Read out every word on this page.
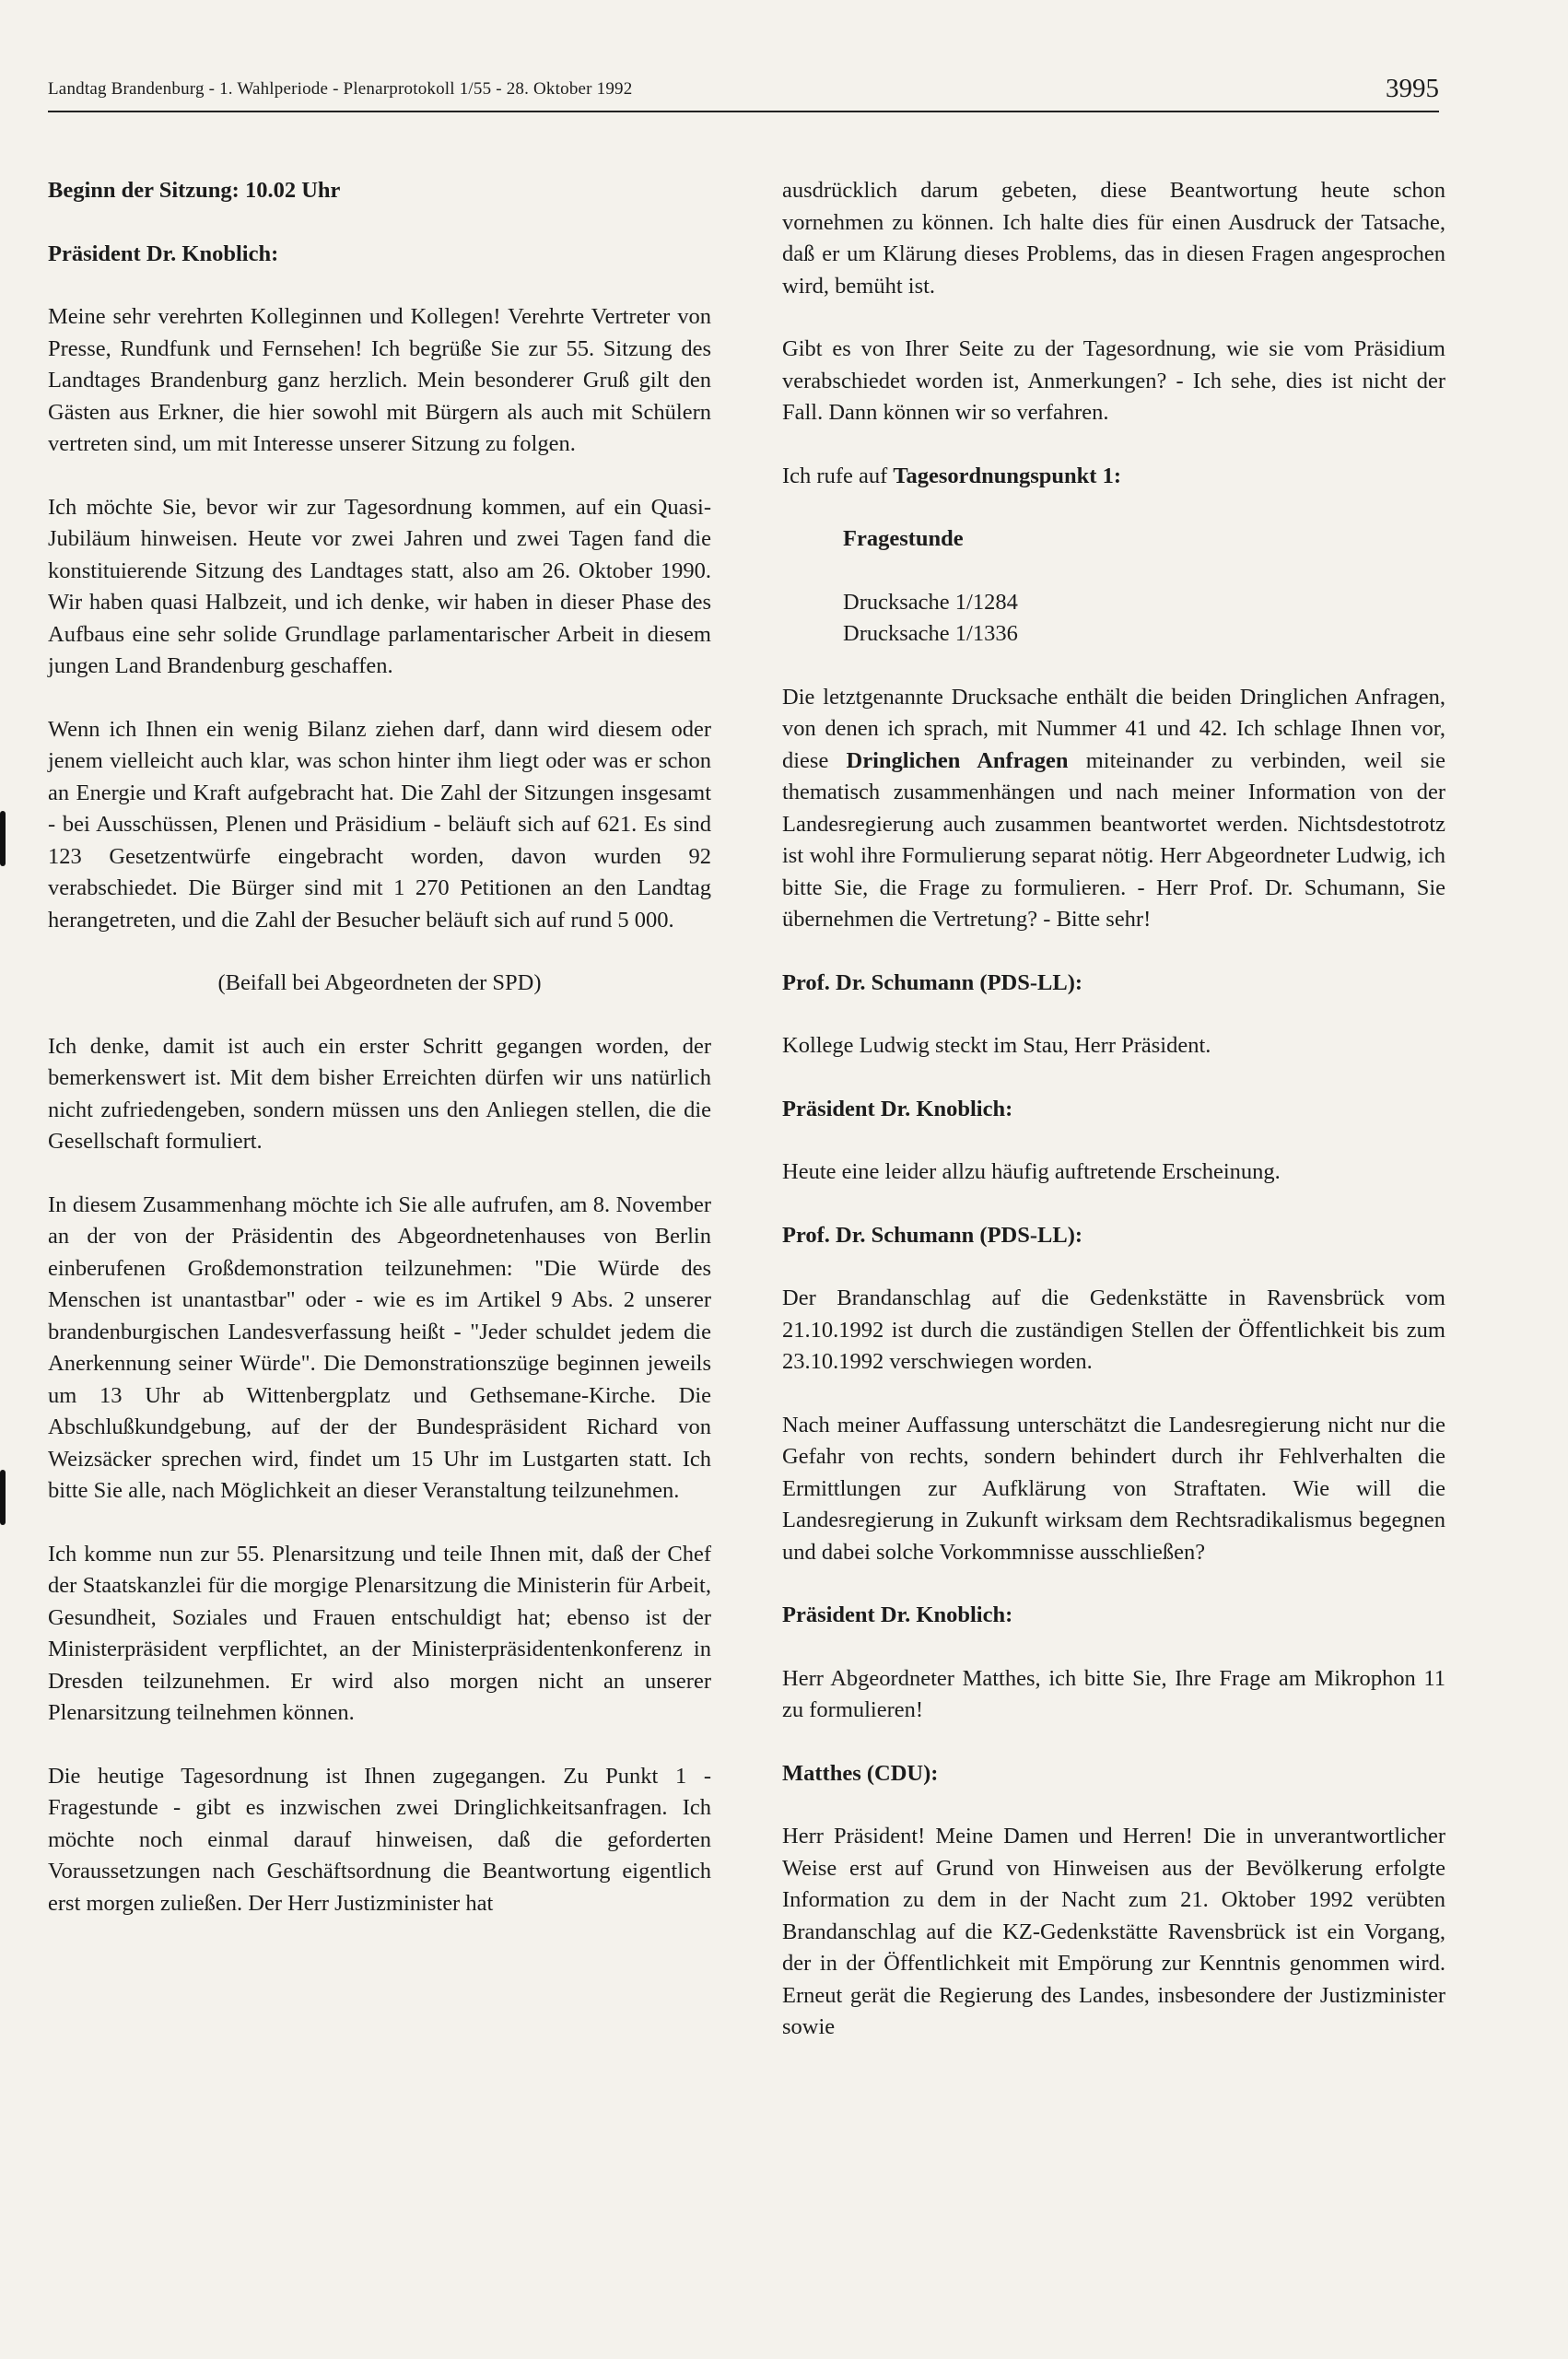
Landtag Brandenburg - 1. Wahlperiode - Plenarprotokoll 1/55 - 28. Oktober 1992	3995

Beginn der Sitzung: 10.02 Uhr

Präsident Dr. Knoblich:

Meine sehr verehrten Kolleginnen und Kollegen! Verehrte Vertreter von Presse, Rundfunk und Fernsehen! Ich begrüße Sie zur 55. Sitzung des Landtages Brandenburg ganz herzlich. Mein besonderer Gruß gilt den Gästen aus Erkner, die hier sowohl mit Bürgern als auch mit Schülern vertreten sind, um mit Interesse unserer Sitzung zu folgen.

Ich möchte Sie, bevor wir zur Tagesordnung kommen, auf ein Quasi-Jubiläum hinweisen. Heute vor zwei Jahren und zwei Tagen fand die konstituierende Sitzung des Landtages statt, also am 26. Oktober 1990. Wir haben quasi Halbzeit, und ich denke, wir haben in dieser Phase des Aufbaus eine sehr solide Grundlage parlamentarischer Arbeit in diesem jungen Land Brandenburg geschaffen.

Wenn ich Ihnen ein wenig Bilanz ziehen darf, dann wird diesem oder jenem vielleicht auch klar, was schon hinter ihm liegt oder was er schon an Energie und Kraft aufgebracht hat. Die Zahl der Sitzungen insgesamt - bei Ausschüssen, Plenen und Präsidium - beläuft sich auf 621. Es sind 123 Gesetzentwürfe eingebracht worden, davon wurden 92 verabschiedet. Die Bürger sind mit 1 270 Petitionen an den Landtag herangetreten, und die Zahl der Besucher beläuft sich auf rund 5 000.

(Beifall bei Abgeordneten der SPD)

Ich denke, damit ist auch ein erster Schritt gegangen worden, der bemerkenswert ist. Mit dem bisher Erreichten dürfen wir uns natürlich nicht zufriedengeben, sondern müssen uns den Anliegen stellen, die die Gesellschaft formuliert.

In diesem Zusammenhang möchte ich Sie alle aufrufen, am 8. November an der von der Präsidentin des Abgeordnetenhauses von Berlin einberufenen Großdemonstration teilzunehmen: "Die Würde des Menschen ist unantastbar" oder - wie es im Artikel 9 Abs. 2 unserer brandenburgischen Landesverfassung heißt - "Jeder schuldet jedem die Anerkennung seiner Würde". Die Demonstrationszüge beginnen jeweils um 13 Uhr ab Wittenbergplatz und Gethsemane-Kirche. Die Abschlußkundgebung, auf der der Bundespräsident Richard von Weizsäcker sprechen wird, findet um 15 Uhr im Lustgarten statt. Ich bitte Sie alle, nach Möglichkeit an dieser Veranstaltung teilzunehmen.

Ich komme nun zur 55. Plenarsitzung und teile Ihnen mit, daß der Chef der Staatskanzlei für die morgige Plenarsitzung die Ministerin für Arbeit, Gesundheit, Soziales und Frauen entschuldigt hat; ebenso ist der Ministerpräsident verpflichtet, an der Ministerpräsidentenkonferenz in Dresden teilzunehmen. Er wird also morgen nicht an unserer Plenarsitzung teilnehmen können.

Die heutige Tagesordnung ist Ihnen zugegangen. Zu Punkt 1 - Fragestunde - gibt es inzwischen zwei Dringlichkeitsanfragen. Ich möchte noch einmal darauf hinweisen, daß die geforderten Voraussetzungen nach Geschäftsordnung die Beantwortung eigentlich erst morgen zuließen. Der Herr Justizminister hat

ausdrücklich darum gebeten, diese Beantwortung heute schon vornehmen zu können. Ich halte dies für einen Ausdruck der Tatsache, daß er um Klärung dieses Problems, das in diesen Fragen angesprochen wird, bemüht ist.

Gibt es von Ihrer Seite zu der Tagesordnung, wie sie vom Präsidium verabschiedet worden ist, Anmerkungen? - Ich sehe, dies ist nicht der Fall. Dann können wir so verfahren.

Ich rufe auf Tagesordnungspunkt 1:

Fragestunde

Drucksache 1/1284

Drucksache 1/1336

Die letztgenannte Drucksache enthält die beiden Dringlichen Anfragen, von denen ich sprach, mit Nummer 41 und 42. Ich schlage Ihnen vor, diese Dringlichen Anfragen miteinander zu verbinden, weil sie thematisch zusammenhängen und nach meiner Information von der Landesregierung auch zusammen beantwortet werden. Nichtsdestotrotz ist wohl ihre Formulierung separat nötig. Herr Abgeordneter Ludwig, ich bitte Sie, die Frage zu formulieren. - Herr Prof. Dr. Schumann, Sie übernehmen die Vertretung? - Bitte sehr!

Prof. Dr. Schumann (PDS-LL):

Kollege Ludwig steckt im Stau, Herr Präsident.

Präsident Dr. Knoblich:

Heute eine leider allzu häufig auftretende Erscheinung.

Prof. Dr. Schumann (PDS-LL):

Der Brandanschlag auf die Gedenkstätte in Ravensbrück vom 21.10.1992 ist durch die zuständigen Stellen der Öffentlichkeit bis zum 23.10.1992 verschwiegen worden.

Nach meiner Auffassung unterschätzt die Landesregierung nicht nur die Gefahr von rechts, sondern behindert durch ihr Fehlverhalten die Ermittlungen zur Aufklärung von Straftaten. Wie will die Landesregierung in Zukunft wirksam dem Rechtsradikalismus begegnen und dabei solche Vorkommnisse ausschließen?

Präsident Dr. Knoblich:

Herr Abgeordneter Matthes, ich bitte Sie, Ihre Frage am Mikrophon 11 zu formulieren!

Matthes (CDU):

Herr Präsident! Meine Damen und Herren! Die in unverantwortlicher Weise erst auf Grund von Hinweisen aus der Bevölkerung erfolgte Information zu dem in der Nacht zum 21. Oktober 1992 verübten Brandanschlag auf die KZ-Gedenkstätte Ravensbrück ist ein Vorgang, der in der Öffentlichkeit mit Empörung zur Kenntnis genommen wird. Erneut gerät die Regierung des Landes, insbesondere der Justizminister sowie
